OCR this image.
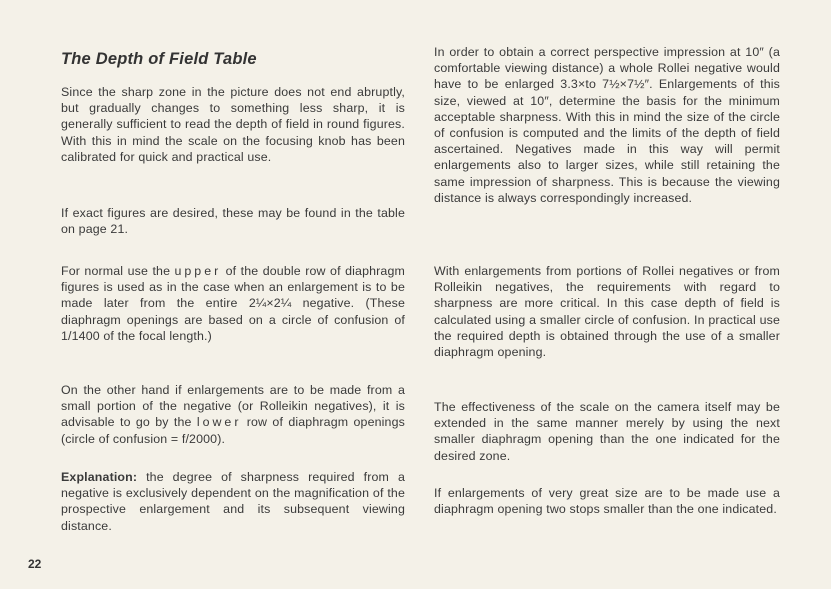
The Depth of Field Table

Since the sharp zone in the picture does not end abruptly, but gradually changes to something less sharp, it is generally sufficient to read the depth of field in round figures. With this in mind the scale on the focusing knob has been calibrated for quick and practical use.

If exact figures are desired, these may be found in the table on page 21.

For normal use the upper of the double row of diaphragm figures is used as in the case when an enlargement is to be made later from the entire 2¼×2¼ negative. (These diaphragm openings are based on a circle of confusion of 1/1400 of the focal length.)

On the other hand if enlargements are to be made from a small portion of the negative (or Rolleikin negatives), it is advisable to go by the lower row of diaphragm openings (circle of confusion = f/2000).

Explanation: the degree of sharpness required from a negative is exclusively dependent on the magnification of the prospective enlargement and its subsequent viewing distance.

In order to obtain a correct perspective impression at 10″ (a comfortable viewing distance) a whole Rollei negative would have to be enlarged 3.3×to 7½×7½″. Enlargements of this size, viewed at 10″, determine the basis for the minimum acceptable sharpness. With this in mind the size of the circle of confusion is computed and the limits of the depth of field ascertained. Negatives made in this way will permit enlargements also to larger sizes, while still retaining the same impression of sharpness. This is because the viewing distance is always correspondingly increased.

With enlargements from portions of Rollei negatives or from Rolleikin negatives, the requirements with regard to sharpness are more critical. In this case depth of field is calculated using a smaller circle of confusion. In practical use the required depth is obtained through the use of a smaller diaphragm opening.

The effectiveness of the scale on the camera itself may be extended in the same manner merely by using the next smaller diaphragm opening than the one indicated for the desired zone.

If enlargements of very great size are to be made use a diaphragm opening two stops smaller than the one indicated.

22
